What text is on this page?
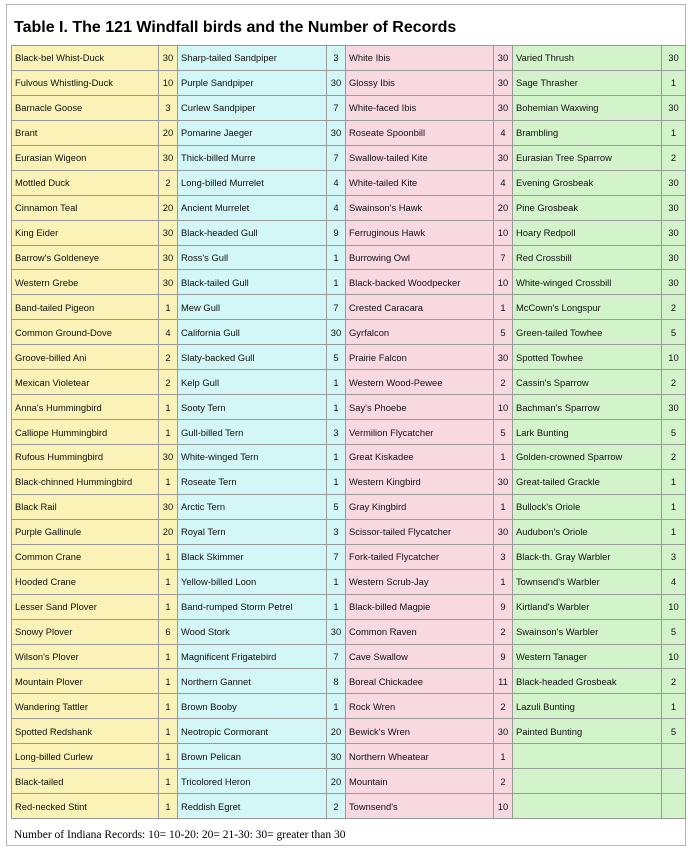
Table I. The 121 Windfall birds and the Number of Records
Black-bel Whist-Duck	30 Sharp-tailed Sandpiper	3	White Ibis	30 Varied Thrush	30
Fulvous Whistling-Duck	10 Purple Sandpiper	30 Glossy Ibis	30 Sage Thrasher	1
Barnacle Goose	3	Curlew Sandpiper	7	White-faced Ibis	30 Bohemian Waxwing	30
Brant	20 Pomarine Jaeger	30 Roseate Spoonbill	4	Brambling	1
Eurasian Wigeon	30 Thick-billed Murre	7	Swallow-tailed Kite	30 Eurasian Tree Sparrow	2
Mottled Duck	2	Long-billed Murrelet	4	White-tailed Kite	4	Evening Grosbeak	30
Cinnamon Teal	20 Ancient Murrelet	4	Swainson's Hawk	20 Pine Grosbeak	30
King Eider	30 Black-headed Gull	9	Ferruginous Hawk	10 Hoary Redpoll	30
Barrow's Goldeneye	30 Ross's Gull	1	Burrowing Owl	7	Red Crossbill	30
Western Grebe	30 Black-tailed Gull	1	Black-backed Woodpecker	10 White-winged Crossbill	30
Band-tailed Pigeon	1	Mew Gull	7	Crested Caracara	1	McCown's Longspur	2
Common Ground-Dove	4	California Gull	30 Gyrfalcon	5	Green-tailed Towhee	5
Groove-billed Ani	2	Slaty-backed Gull	5	Prairie Falcon	30 Spotted Towhee	10
Mexican Violetear	2	Kelp Gull	1	Western Wood-Pewee	2	Cassin's Sparrow	2
Anna's Hummingbird	1	Sooty Tern	1	Say's Phoebe	10 Bachman's Sparrow	30
Calliope Hummingbird	1	Gull-billed Tern	3	Vermilion Flycatcher	5	Lark Bunting	5
Rufous Hummingbird	30 White-winged Tern	1	Great Kiskadee	1	Golden-crowned Sparrow	2
Black-chinned Hummingbird	1	Roseate Tern	1	Western Kingbird	30 Great-tailed Grackle	1
Black Rail	30 Arctic Tern	5	Gray Kingbird	1	Bullock's Oriole	1
Purple Gallinule	20 Royal Tern	3	Scissor-tailed Flycatcher	30 Audubon's Oriole	1
Common Crane	1	Black Skimmer	7	Fork-tailed Flycatcher	3	Black-th. Gray Warbler	3
Hooded Crane	1	Yellow-billed Loon	1	Western Scrub-Jay	1	Townsend's Warbler	4
Lesser Sand Plover	1	Band-rumped Storm Petrel	1	Black-billed Magpie	9	Kirtland's Warbler	10
Snowy Plover	6	Wood Stork	30 Common Raven	2	Swainson's Warbler	5
Wilson's Plover	1	Magnificent Frigatebird	7	Cave Swallow	9	Western Tanager	10
Mountain Plover	1	Northern Gannet	8	Boreal Chickadee	11 Black-headed Grosbeak	2
Wandering Tattler	1	Brown Booby	1	Rock Wren	2	Lazuli Bunting	1
Spotted Redshank	1	Neotropic Cormorant	20 Bewick's Wren	30 Painted Bunting	5
Long-billed Curlew	1	Brown Pelican	30 Northern Wheatear	1
Black-tailed	1	Tricolored Heron	20 Mountain	2
Red-necked Stint	1	Reddish Egret	2	Townsend's	10
Number of Indiana Records: 10= 10-20: 20= 21-30: 30= greater than 30
